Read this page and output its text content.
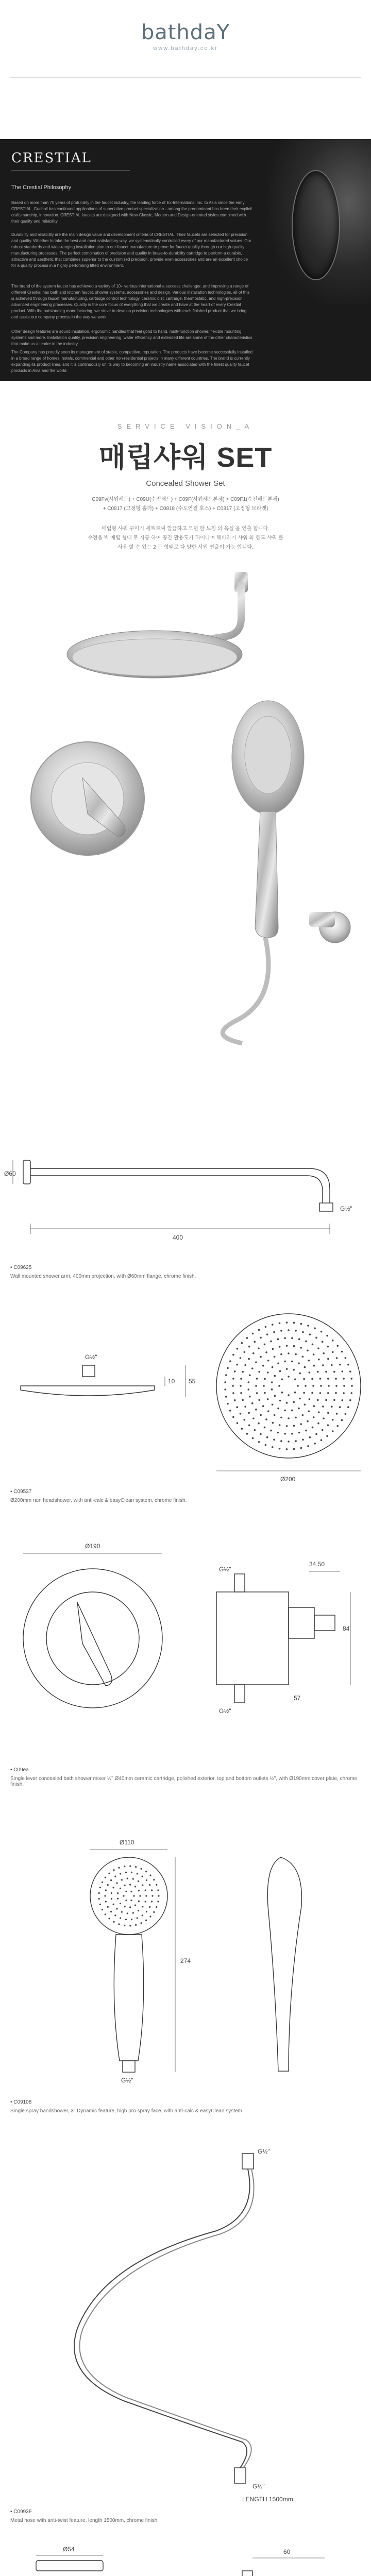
bathdaY
www.bathday.co.kr
CRESTIAL
The Crestial Philosophy

Based on more than 70 years of profundity in the faucet industry, the leading force of Ex-International Inc. to Asia since the early CRESTIAL, Gucholl has continued applications of superlative product specialization - among the predominant has been their explicit craftsmanship, innovation. CRESTIAL faucets are designed with New-Classic, Modern and Design-oriented styles combined with their quality and reliability.

Durability and reliability are the main design value and development criteria of CRESTIAL. Their faucets are selected for precision and quality. Whether to take the best and most satisfactory way, we systematically controlled every of our manufactured values. Our robust standards and wide-ranging installation plan to our faucet manufacture to prove for faucet quality through our high-quality manufacturing processes. The perfect combination of precision and quality in brass-to-durability cartridge to perform a durable, attractive and aesthetic that combines superior to the customized precision, provide even accessories and are an excellent choice for a quality process in a highly performing fitted environment.

The brand of the system faucet has achieved a variety of 10+ various international a success challenger, and improving a range of different Crestial has bath and kitchen faucet, shower systems, accessories and design. Various installation technologies, all of this is achieved through faucet manufacturing, cartridge control technology, ceramic disc cartridge, thermostatic, and high-precision advanced engineering processes. Quality is the core focus of everything that we create and have at the heart of every Crestial product. With the outstanding manufacturing, we strive to develop precision technologies with each finished product that we bring and assist our company process in the way we work.

Other design features are sound insulation, ergonomic handles that feel good to hand, multi-function shower, flexible mounting systems and more. Installation quality, precision engineering, water efficiency and extended life are some of the other characteristics that make us a leader in the industry.

The Company has proudly seen its management of stable, competitive, reputation. The products have become successfully installed in a broad range of homes, hotels, commercial and other non-residential projects in many different countries. The brand is currently expanding its product lines, and it is continuously on its way to becoming an industry name associated with the finest quality faucet products in Asia and the world.

SERVICE VISION_A
매립샤워 SET
Concealed Shower Set
C09Fv(샤워헤드) + C09U(수전해드) + C09F(샤워헤드본체) + C09F1(수전해드본체)
+ C0817 (고정형 홀더) + C0818 (수도연결 호스) + C0817 (고정형 브라켓)
매립형 샤워 꾸미기 세트로써 깔끔하고 모던 한 느낌 의 욕실 을 연출 합니다.
수전을 벽 매립 형태 로 시공 하여 공간 활용도가 뛰어나며 해바라기 샤워 와 핸드 샤워 를
사용 할 수 있는 2 구 형태로 다 양한 샤워 연출이 가능 합니다.
Ø60
400
G½"
• C09625
Wall mounted shower arm, 400mm projection, with Ø60mm flange, chrome finish.
G½"
10 55
Ø200
• C09537
Ø200mm rain headshower, with anti-calc & easyClean system, chrome finish.
Ø190
34.50
84
57
G½"
G½"
• C09ea
Single lever concealed bath shower mixer ½" Ø40mm ceramic cartridge, polished exterior, top and bottom outlets ½", with Ø190mm cover plate, chrome finish.
Ø110
274
G½"
• C09108
Single spray handshower, 3" Dynamic feature, high pro spray face, with anti-calc & easyClean system
G½"
G½"
LENGTH 1500mm
• C0993F
Metal hose with anti-twist feature, length 1500mm, chrome finish.
Ø54	60
